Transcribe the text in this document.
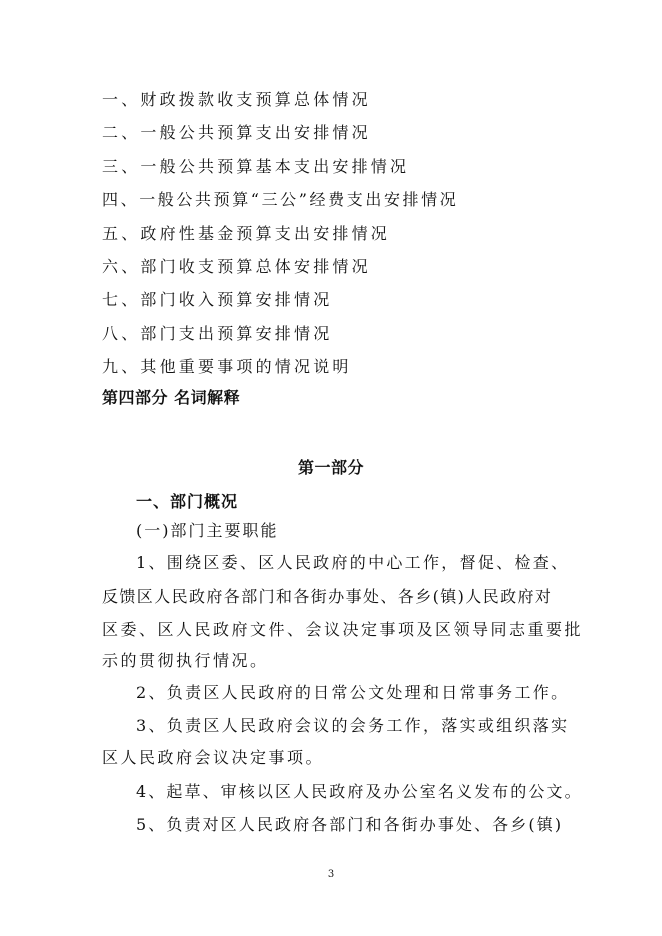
一、财政拨款收支预算总体情况
二、一般公共预算支出安排情况
三、一般公共预算基本支出安排情况
四、一般公共预算“三公”经费支出安排情况
五、政府性基金预算支出安排情况
六、部门收支预算总体安排情况
七、部门收入预算安排情况
八、部门支出预算安排情况
九、其他重要事项的情况说明
第四部分 名词解释
第一部分
一、部门概况
(一)部门主要职能
1、围绕区委、区人民政府的中心工作，督促、检查、
反馈区人民政府各部门和各街办事处、各乡(镇)人民政府对
区委、区人民政府文件、会议决定事项及区领导同志重要批
示的贯彻执行情况。
2、负责区人民政府的日常公文处理和日常事务工作。
3、负责区人民政府会议的会务工作，落实或组织落实
区人民政府会议决定事项。
4、起草、审核以区人民政府及办公室名义发布的公文。
5、负责对区人民政府各部门和各街办事处、各乡(镇)
3
